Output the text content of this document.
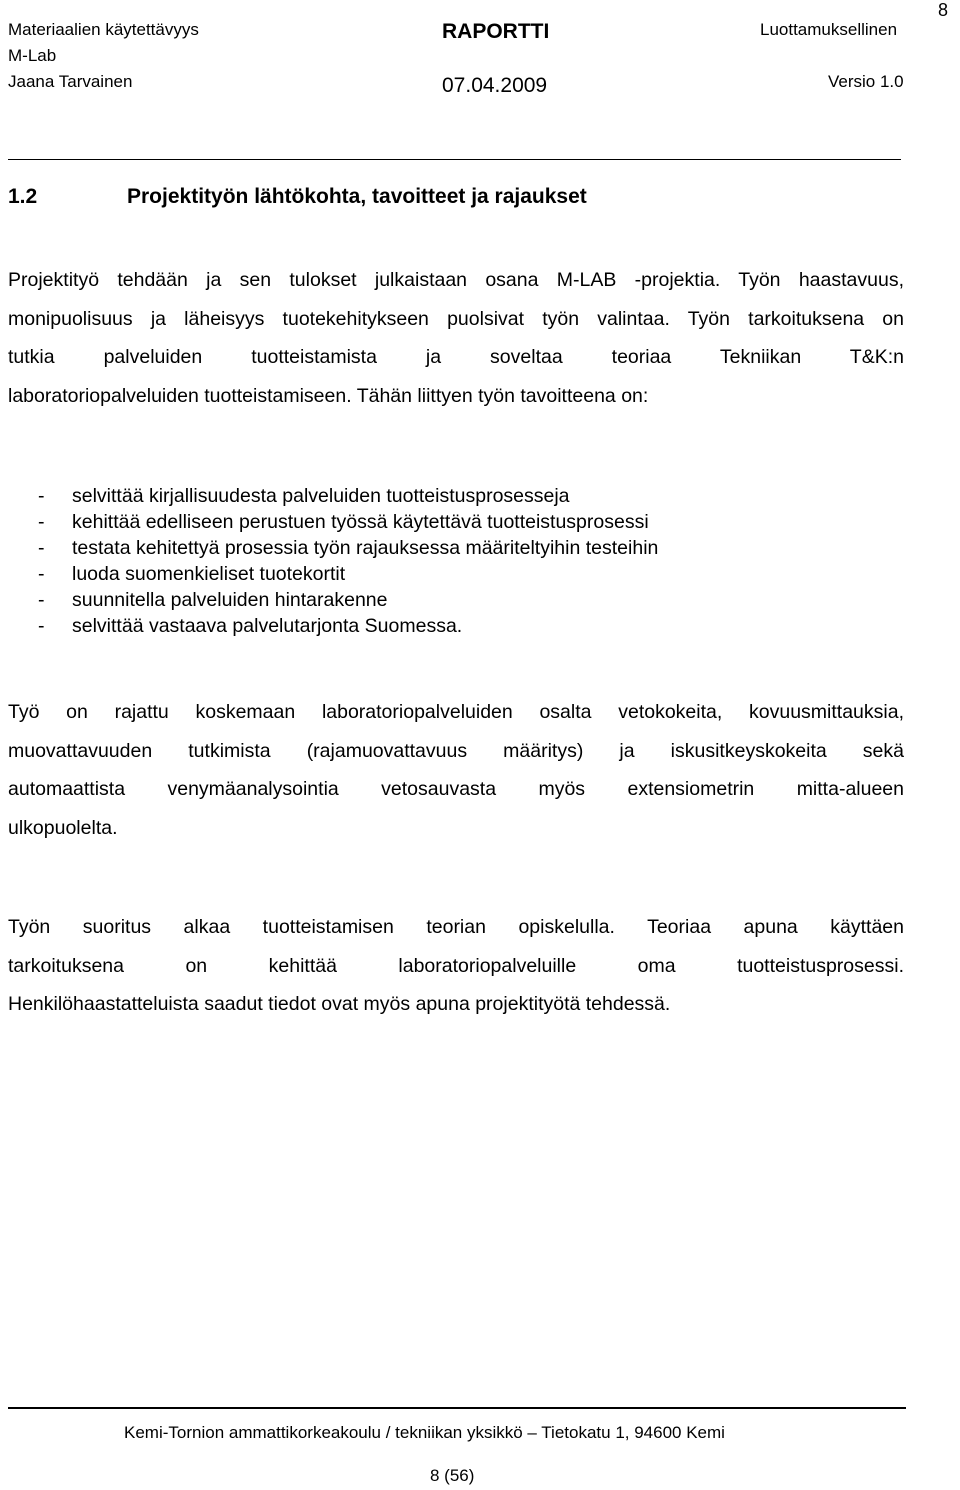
8
Materiaalien käytettävyys
M-Lab
Jaana Tarvainen
RAPORTTI
07.04.2009
Luottamuksellinen
Versio 1.0
1.2	Projektityön lähtökohta, tavoitteet ja rajaukset
Projektityö tehdään ja sen tulokset julkaistaan osana M-LAB -projektia. Työn haastavuus,
monipuolisuus ja läheisyys tuotekehitykseen puolsivat työn valintaa. Työn tarkoituksena on
tutkia palveluiden tuotteistamista ja soveltaa teoriaa Tekniikan T&K:n
laboratoriopalveluiden tuotteistamiseen. Tähän liittyen työn tavoitteena on:
-	selvittää kirjallisuudesta palveluiden tuotteistusprosesseja
-	kehittää edelliseen perustuen työssä käytettävä tuotteistusprosessi
-	testata kehitettyä prosessia työn rajauksessa määriteltyihin testeihin
-	luoda suomenkieliset tuotekortit
-	suunnitella palveluiden hintarakenne
-	selvittää vastaava palvelutarjonta Suomessa.
Työ on rajattu koskemaan laboratoriopalveluiden osalta vetokokeita, kovuusmittauksia,
muovattavuuden tutkimista (rajamuovattavuus määritys) ja iskusitkeyskokeita sekä
automaattista venymäanalysointia vetosauvasta myös extensiometrin mitta-alueen
ulkopuolelta.
Työn suoritus alkaa tuotteistamisen teorian opiskelulla. Teoriaa apuna käyttäen
tarkoituksena on kehittää laboratoriopalveluille oma tuotteistusprosessi.
Henkilöhaastatteluista saadut tiedot ovat myös apuna projektityötä tehdessä.
Kemi-Tornion ammattikorkeakoulu / tekniikan yksikkö – Tietokatu 1, 94600 Kemi
8 (56)
